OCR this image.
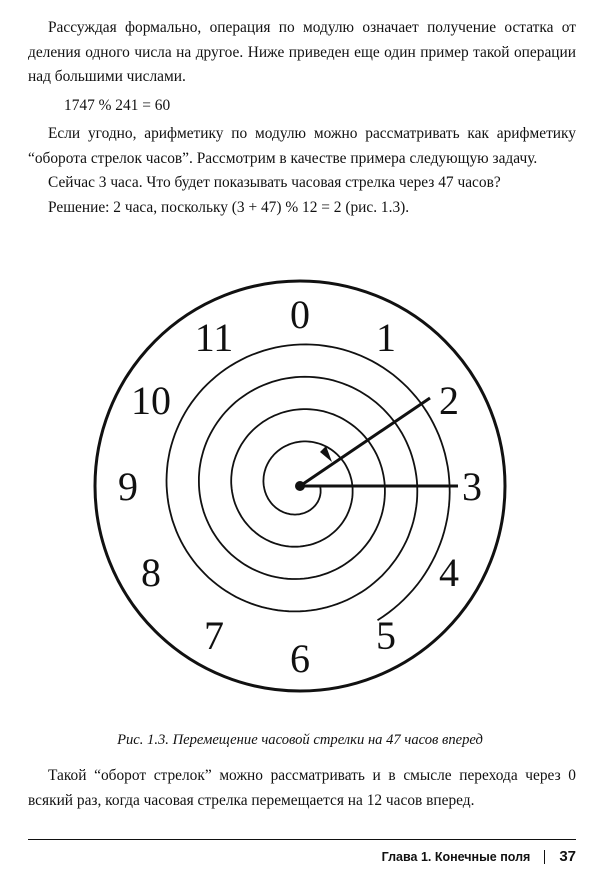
Рассуждая формально, операция по модулю означает получение остатка от деления одного числа на другое. Ниже приведен еще один пример такой операции над большими числами.

1747 % 241 = 60

Если угодно, арифметику по модулю можно рассматривать как арифметику “оборота стрелок часов”. Рассмотрим в качестве примера следующую задачу.

Сейчас 3 часа. Что будет показывать часовая стрелка через 47 часов?

Решение: 2 часа, поскольку (3 + 47) % 12 = 2 (рис. 1.3).

0
1
2
3
4
5
6
7
8
9
10
11
Рис. 1.3. Перемещение часовой стрелки на 47 часов вперед

Такой “оборот стрелок” можно рассматривать и в смысле перехода через 0 всякий раз, когда часовая стрелка перемещается на 12 часов вперед.

Глава 1. Конечные поля 37
